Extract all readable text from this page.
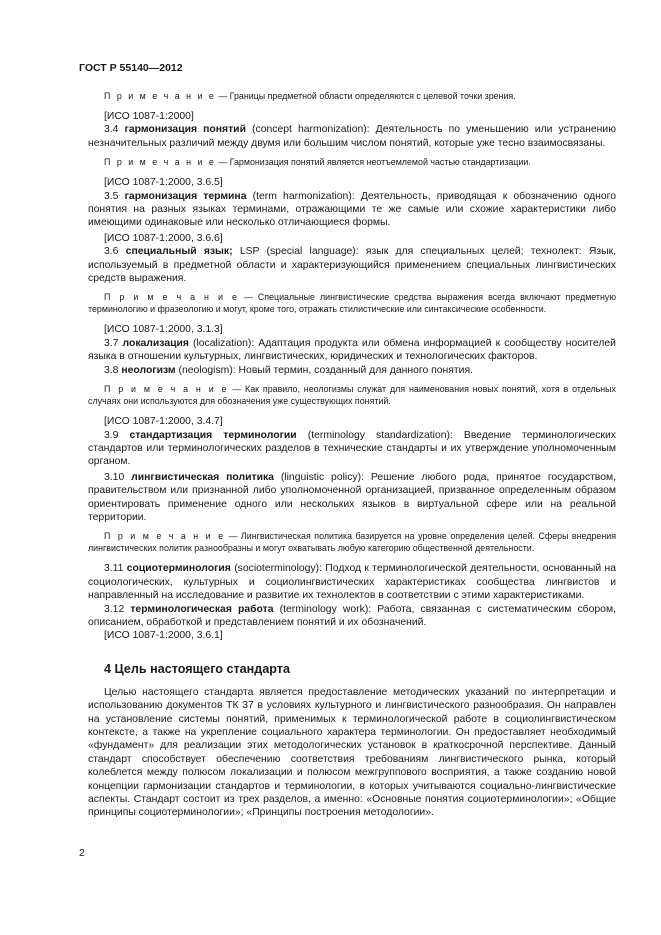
ГОСТ Р 55140—2012

П р и м е ч а н и е — Границы предметной области определяются с целевой точки зрения.

[ИСО 1087-1:2000]

3.4 гармонизация понятий (concept harmonization): Деятельность по уменьшению или устранению незначительных различий между двумя или большим числом понятий, которые уже тесно взаимосвязаны.

П р и м е ч а н и е — Гармонизация понятий является неотъемлемой частью стандартизации.

[ИСО 1087-1:2000, 3.6.5]

3.5 гармонизация термина (term harmonization): Деятельность, приводящая к обозначению одного понятия на разных языках терминами, отражающими те же самые или схожие характеристики либо имеющими одинаковые или несколько отличающиеся формы.

[ИСО 1087-1:2000, 3.6.6]

3.6 специальный язык; LSP (special language): язык для специальных целей; технолект: Язык, используемый в предметной области и характеризующийся применением специальных лингвистических средств выражения.

П р и м е ч а н и е — Специальные лингвистические средства выражения всегда включают предметную терминологию и фразеологию и могут, кроме того, отражать стилистические или синтаксические особенности.

[ИСО 1087-1:2000, 3.1.3]

3.7 локализация (localization): Адаптация продукта или обмена информацией к сообществу носителей языка в отношении культурных, лингвистических, юридических и технологических факторов.

3.8 неологизм (neologism): Новый термин, созданный для данного понятия.

П р и м е ч а н и е — Как правило, неологизмы служат для наименования новых понятий, хотя в отдельных случаях они используются для обозначения уже существующих понятий.

[ИСО 1087-1:2000, 3.4.7]

3.9 стандартизация терминологии (terminology standardization): Введение терминологических стандартов или терминологических разделов в технические стандарты и их утверждение уполномоченным органом.

3.10 лингвистическая политика (linguistic policy): Решение любого рода, принятое государством, правительством или признанной либо уполномоченной организацией, призванное определенным образом ориентировать применение одного или нескольких языков в виртуальной сфере или на реальной территории.

П р и м е ч а н и е — Лингвистическая политика базируется на уровне определения целей. Сферы внедрения лингвистических политик разнообразны и могут охватывать любую категорию общественной деятельности.

3.11 социотерминология (socioterminology): Подход к терминологической деятельности, основанный на социологических, культурных и социолингвистических характеристиках сообщества лингвистов и направленный на исследование и развитие их технолектов в соответствии с этими характеристиками.

3.12 терминологическая работа (terminology work): Работа, связанная с систематическим сбором, описанием, обработкой и представлением понятий и их обозначений.

[ИСО 1087-1:2000, 3.6.1]

4 Цель настоящего стандарта

Целью настоящего стандарта является предоставление методических указаний по интерпретации и использованию документов ТК 37 в условиях культурного и лингвистического разнообразия. Он направлен на установление системы понятий, применимых к терминологической работе в социолингвистическом контексте, а также на укрепление социального характера терминологии. Он предоставляет необходимый «фундамент» для реализации этих методологических установок в краткосрочной перспективе. Данный стандарт способствует обеспечению соответствия требованиям лингвистического рынка, который колеблется между полюсом локализации и полюсом межгруппового восприятия, а также созданию новой концепции гармонизации стандартов и терминологии, в которых учитываются социально-лингвистические аспекты. Стандарт состоит из трех разделов, а именно: «Основные понятия социотерминологии»; «Общие принципы социотерминологии»; «Принципы построения методологии».

2
